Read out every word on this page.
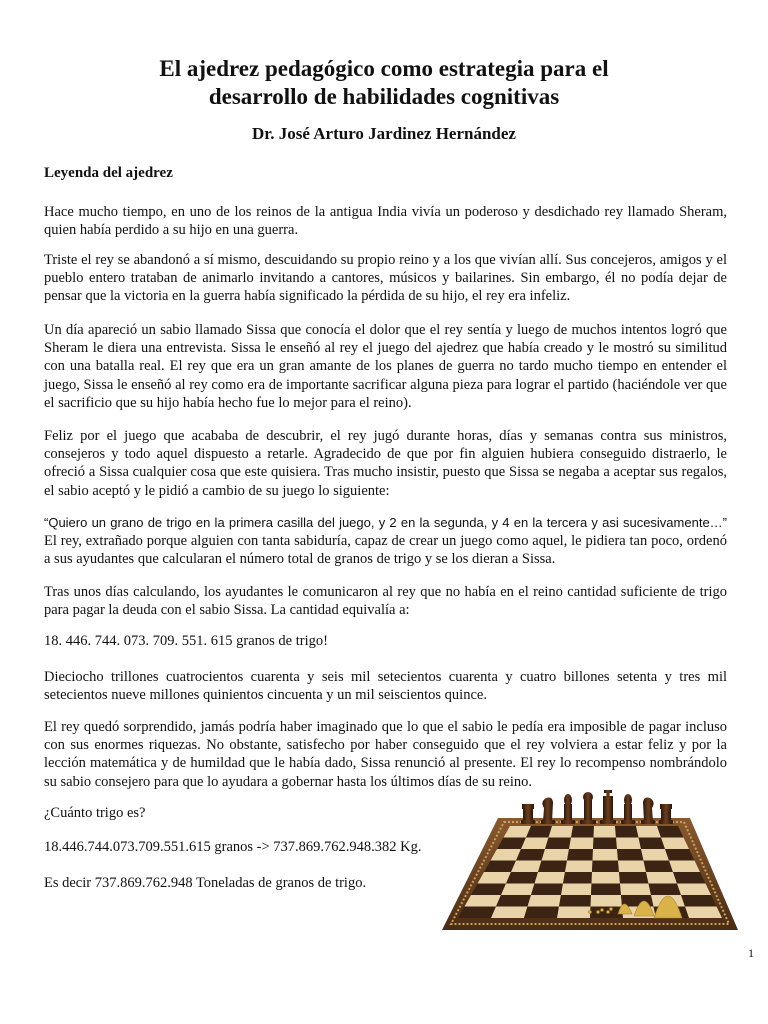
El ajedrez pedagógico como estrategia para el
desarrollo de habilidades cognitivas
Dr. José Arturo Jardinez Hernández
Leyenda del ajedrez
Hace mucho tiempo, en uno de los reinos de la antigua India vivía un poderoso y desdichado rey llamado Sheram, quien había perdido a su hijo en una guerra.
Triste el rey se abandonó a sí mismo, descuidando su propio reino y a los que vivían allí. Sus concejeros, amigos y el pueblo entero trataban de animarlo invitando a cantores, músicos y bailarines. Sin embargo, él no podía dejar de pensar que la victoria en la guerra había significado la pérdida de su hijo, el rey era infeliz.
Un día apareció un sabio llamado Sissa que conocía el dolor que el rey sentía y luego de muchos intentos logró que Sheram le diera una entrevista. Sissa le enseñó al rey el juego del ajedrez que había creado y le mostró su similitud con una batalla real. El rey que era un gran amante de los planes de guerra no tardo mucho tiempo en entender el juego, Sissa le enseñó al rey como era de importante sacrificar alguna pieza para lograr el partido (haciéndole ver que el sacrificio que su hijo había hecho fue lo mejor para el reino).
Feliz por el juego que acababa de descubrir, el rey jugó durante horas, días y semanas contra sus ministros, consejeros y todo aquel dispuesto a retarle. Agradecido de que por fin alguien hubiera conseguido distraerlo, le ofreció a Sissa cualquier cosa que este quisiera. Tras mucho insistir, puesto que Sissa se negaba a aceptar sus regalos, el sabio aceptó y le pidió a cambio de su juego lo siguiente:
“Quiero un grano de trigo en la primera casilla del juego, y 2 en la segunda, y 4 en la tercera y asi sucesivamente…” El rey, extrañado porque alguien con tanta sabiduría, capaz de crear un juego como aquel, le pidiera tan poco, ordenó a sus ayudantes que calcularan el número total de granos de trigo y se los dieran a Sissa.
Tras unos días calculando, los ayudantes le comunicaron al rey que no había en el reino cantidad suficiente de trigo para pagar la deuda con el sabio Sissa. La cantidad equivalía a:
18. 446. 744. 073. 709. 551. 615 granos de trigo!
Dieciocho trillones cuatrocientos cuarenta y seis mil setecientos cuarenta y cuatro billones setenta y tres mil setecientos nueve millones quinientos cincuenta y un mil seiscientos quince.
El rey quedó sorprendido, jamás podría haber imaginado que lo que el sabio le pedía era imposible de pagar incluso con sus enormes riquezas. No obstante, satisfecho por haber conseguido que el rey volviera a estar feliz y por la lección matemática y de humildad que le había dado, Sissa renunció al presente. El rey lo recompenso nombrándolo su sabio consejero para que lo ayudara a gobernar hasta los últimos días de su reino.
¿Cuánto trigo es?
18.446.744.073.709.551.615 granos -> 737.869.762.948.382 Kg.
Es decir 737.869.762.948 Toneladas de granos de trigo.
1
